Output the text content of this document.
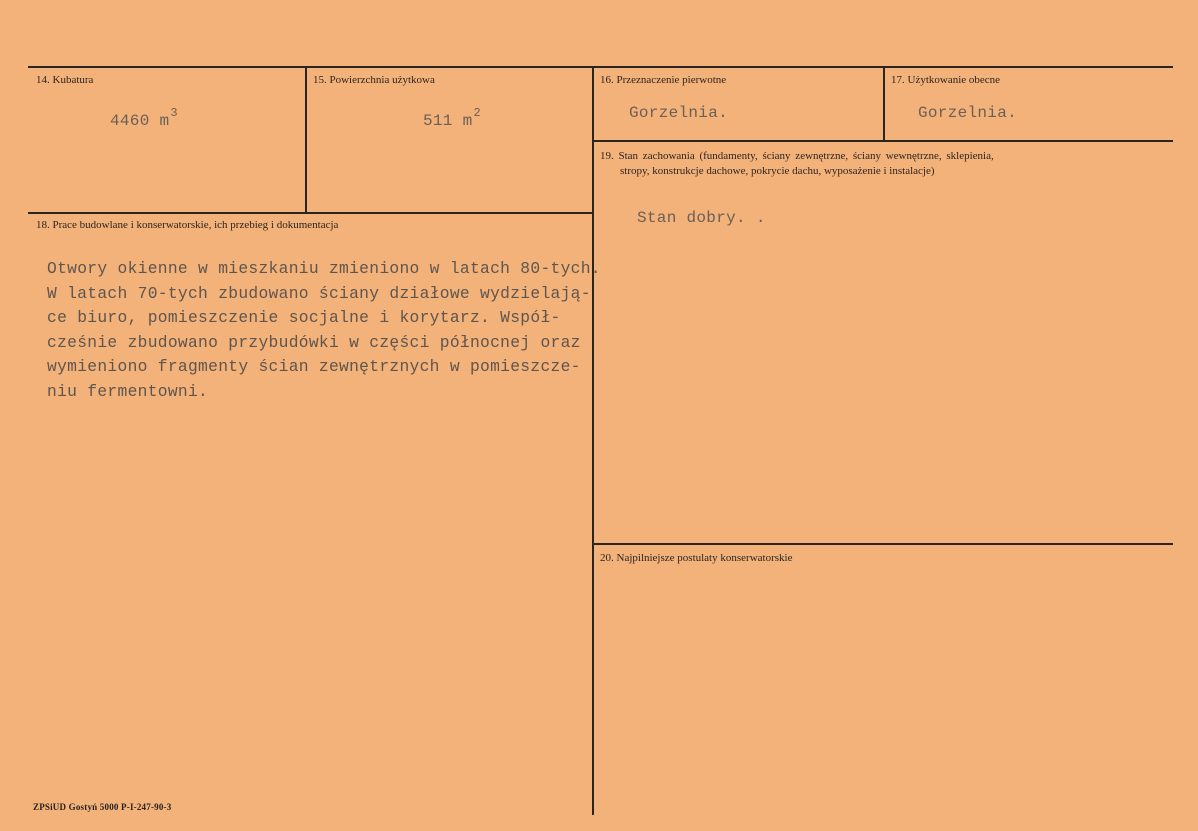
14. Kubatura
4460 $m^3$
15. Powierzchnia użytkowa
511 $m^2$
16. Przeznaczenie pierwotne
Gorzelnia.
17. Użytkowanie obecne
Gorzelnia.
19. Stan zachowania (fundamenty, ściany zewnętrzne, ściany wewnętrzne, sklepienia,
stropy, konstrukcje dachowe, pokrycie dachu, wyposażenie i instalacje)
Stan dobry. .
18. Prace budowlane i konserwatorskie, ich przebieg i dokumentacja
Otwory okienne w mieszkaniu zmieniono w latach 80-tych.
W latach 70-tych zbudowano ściany działowe wydzielają-
ce biuro, pomieszczenie socjalne i korytarz. Współ-
cześnie zbudowano przybudówki w części północnej oraz
wymieniono fragmenty ścian zewnętrznych w pomieszcze-
niu fermentowni.
20. Najpilniejsze postulaty konserwatorskie
ZPSiUD Gostyń 5000 P-I-247-90-3
